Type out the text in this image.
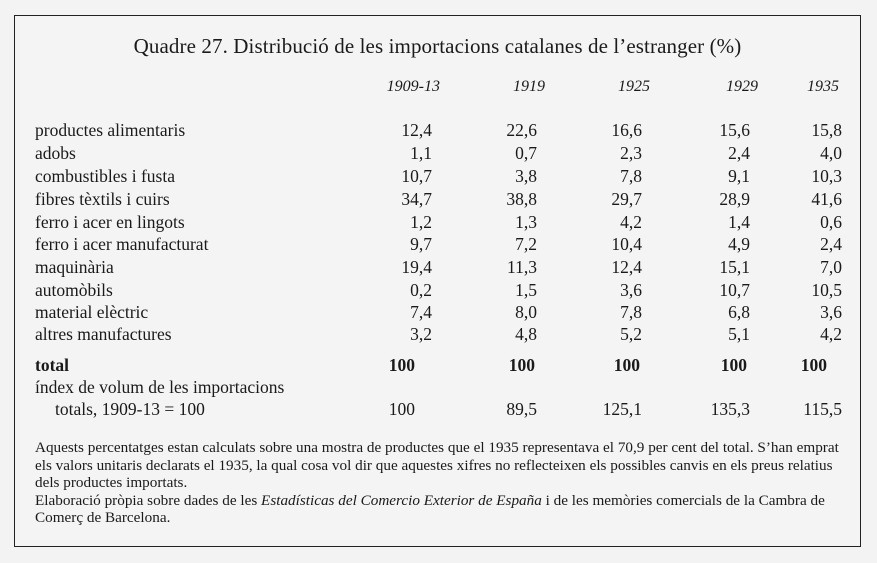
Quadre 27. Distribució de les importacions catalanes de l’estranger (%)
1909-13	1919	1925	1929	1935
productes alimentaris	12,4	22,6	16,6	15,6	15,8
adobs	1,1	0,7	2,3	2,4	4,0
combustibles i fusta	10,7	3,8	7,8	9,1	10,3
fibres tèxtils i cuirs	34,7	38,8	29,7	28,9	41,6
ferro i acer en lingots	1,2	1,3	4,2	1,4	0,6
ferro i acer manufacturat	9,7	7,2	10,4	4,9	2,4
maquinària	19,4	11,3	12,4	15,1	7,0
automòbils	0,2	1,5	3,6	10,7	10,5
material elèctric	7,4	8,0	7,8	6,8	3,6
altres manufactures	3,2	4,8	5,2	5,1	4,2
total	100	100	100	100	100
índex de volum de les importacions
totals, 1909-13 = 100	100	89,5	125,1	135,3	115,5

Aquests percentatges estan calculats sobre una mostra de productes que el 1935 representava el 70,9 per cent del total. S’han emprat els valors unitaris declarats el 1935, la qual cosa vol dir que aquestes xifres no reflecteixen els possibles canvis en els preus relatius dels productes importats.

Elaboració pròpia sobre dades de les Estadísticas del Comercio Exterior de España i de les memòries comercials de la Cambra de Comerç de Barcelona.
